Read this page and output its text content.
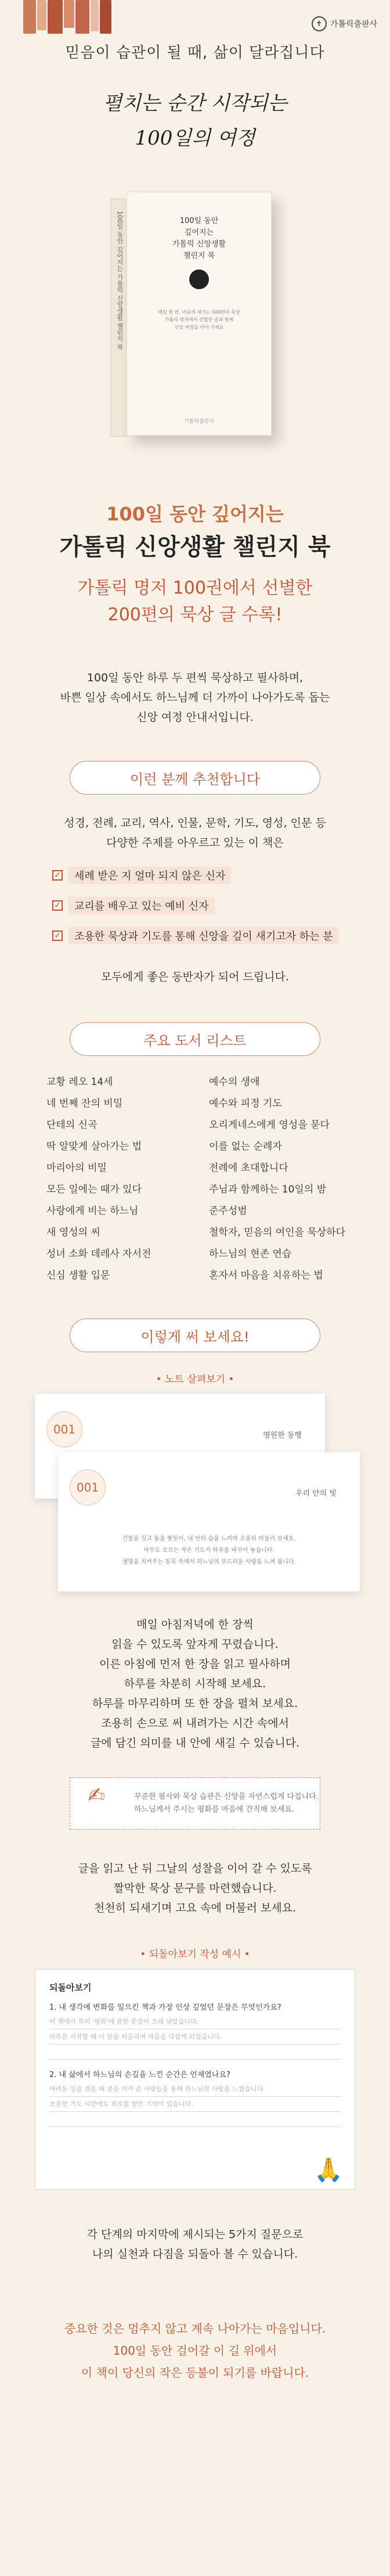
✝ 가톨릭출판사
믿음이 습관이 될 때, 삶이 달라집니다
펼치는 순간 시작되는
100일의 여정
100일 동안 깊어지는 가톨릭 신앙생활 챌린지 북	100일 동안
깊어지는
가톨릭 신앙생활
챌린지 북
매일 한 편, 마음에 새기는 100편의 묵상
가톨릭 명저에서 선별한 글과 함께
신앙 여정을 이어 가세요
가톨릭출판사
100일 동안 깊어지는
가톨릭 신앙생활 챌린지 북
가톨릭 명저 100권에서 선별한
200편의 묵상 글 수록!
100일 동안 하루 두 편씩 묵상하고 필사하며,
바쁜 일상 속에서도 하느님께 더 가까이 나아가도록 돕는
신앙 여정 안내서입니다.
이런 분께 추천합니다
성경, 전례, 교리, 역사, 인물, 문학, 기도, 영성, 인문 등
다양한 주제를 아우르고 있는 이 책은
✓	세례 받은 지 얼마 되지 않은 신자
✓	교리를 배우고 있는 예비 신자
✓	조용한 묵상과 기도를 통해 신앙을 깊이 새기고자 하는 분
모두에게 좋은 동반자가 되어 드립니다.
주요 도서 리스트
교황 레오 14세
네 번째 잔의 비밀
단테의 신곡
딱 알맞게 살아가는 법
마리아의 비밀
모든 일에는 때가 있다
사랑에게 비는 하느님
새 영성의 씨
성녀 소화 데레사 자서전
신심 생활 입문
예수의 생애
예수와 피정 기도
오리게네스에게 영성을 묻다
이를 없는 순례자
전례에 초대합니다
주님과 함께하는 10일의 밤
준주성범
철학자, 믿음의 여인을 묵상하다
하느님의 현존 연습
혼자서 마음을 치유하는 법
이렇게 써 보세요!
• 노트 살펴보기 •
001	영원한 동행
001	우리 안의 빛
건물을 짓고 돌을 쌓듯이, 내 안의 습을 느끼며 조용히 머물러 보세요.
아무도 모르는 작은 기도가 하루를 바꾸어 놓습니다.
생명을 지켜주는 침묵 속에서 하느님의 부드러운 사랑을 느껴 봅니다.
매일 아침저녁에 한 장씩
읽을 수 있도록 앞자게 꾸렸습니다.
이른 아침에 먼저 한 장을 읽고 필사하며
하루를 차분히 시작해 보세요.
하루를 마무리하며 또 한 장을 펼쳐 보세요.
조용히 손으로 써 내려가는 시간 속에서
글에 담긴 의미를 내 안에 새길 수 있습니다.
✍	꾸준한 필사와 묵상 습관은 신앙을 자연스럽게 다집니다.
하느님께서 주시는 평화를 마음에 간직해 보세요.
글을 읽고 난 뒤 그날의 성찰을 이어 갈 수 있도록
짤막한 묵상 문구를 마련했습니다.
천천히 되새기며 고요 속에 머물러 보세요.
• 되돌아보기 작성 예시 •
되돌아보기
1. 내 생각에 변화를 일으킨 책과 가장 인상 깊었던 문장은 무엇인가요?
이 책에서 특히 '평화'에 관한 문장이 오래 남았습니다.
하루를 시작할 때 이 말을 떠올리며 마음을 다잡게 되었습니다.
2. 내 삶에서 하느님의 손길을 느낀 순간은 언제였나요?
어려운 일을 겪을 때 곁을 지켜 준 사람들을 통해 하느님의 사랑을 느꼈습니다.
조용한 기도 시간에도 위로를 받은 기억이 있습니다.
🙏
각 단계의 마지막에 제시되는 5가지 질문으로
나의 실천과 다짐을 되돌아 볼 수 있습니다.
중요한 것은 멈추지 않고 계속 나아가는 마음입니다.
100일 동안 걸어갈 이 길 위에서
이 책이 당신의 작은 등불이 되기를 바랍니다.
